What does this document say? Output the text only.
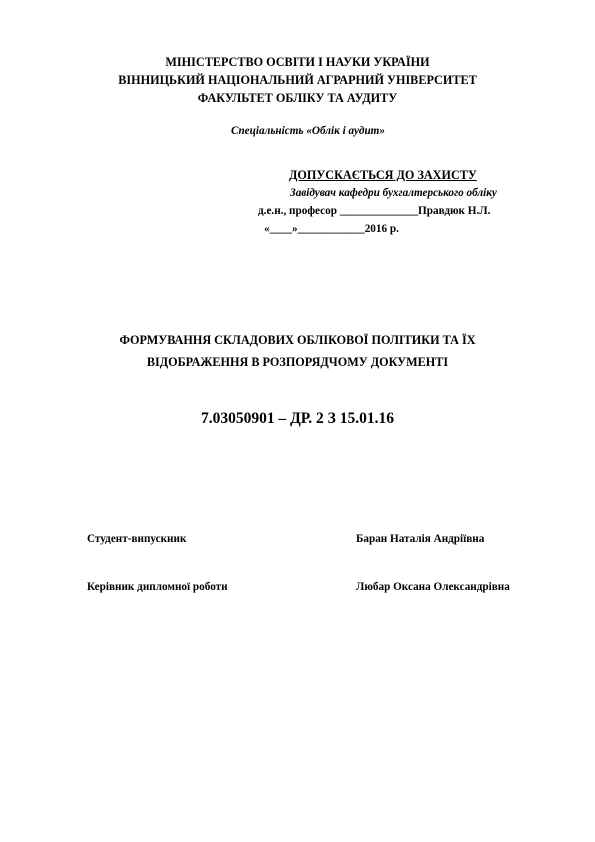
МІНІСТЕРСТВО ОСВІТИ І НАУКИ УКРАЇНИ
ВІННИЦЬКИЙ НАЦІОНАЛЬНИЙ АГРАРНИЙ УНІВЕРСИТЕТ
ФАКУЛЬТЕТ ОБЛІКУ ТА АУДИТУ
Спеціальність «Облік і аудит»
ДОПУСКАЄТЬСЯ ДО ЗАХИСТУ
Завідувач кафедри бухгалтерського обліку
д.е.н., професор ______________Правдюк Н.Л.
«____»____________2016 р.
ФОРМУВАННЯ СКЛАДОВИХ ОБЛІКОВОЇ ПОЛІТИКИ ТА ЇХ
ВІДОБРАЖЕННЯ В РОЗПОРЯДЧОМУ ДОКУМЕНТІ
7.03050901 – ДР. 2 З 15.01.16
Студент-випускник	Баран Наталія Андріївна
Керівник дипломної роботи	Любар Оксана Олександрівна
